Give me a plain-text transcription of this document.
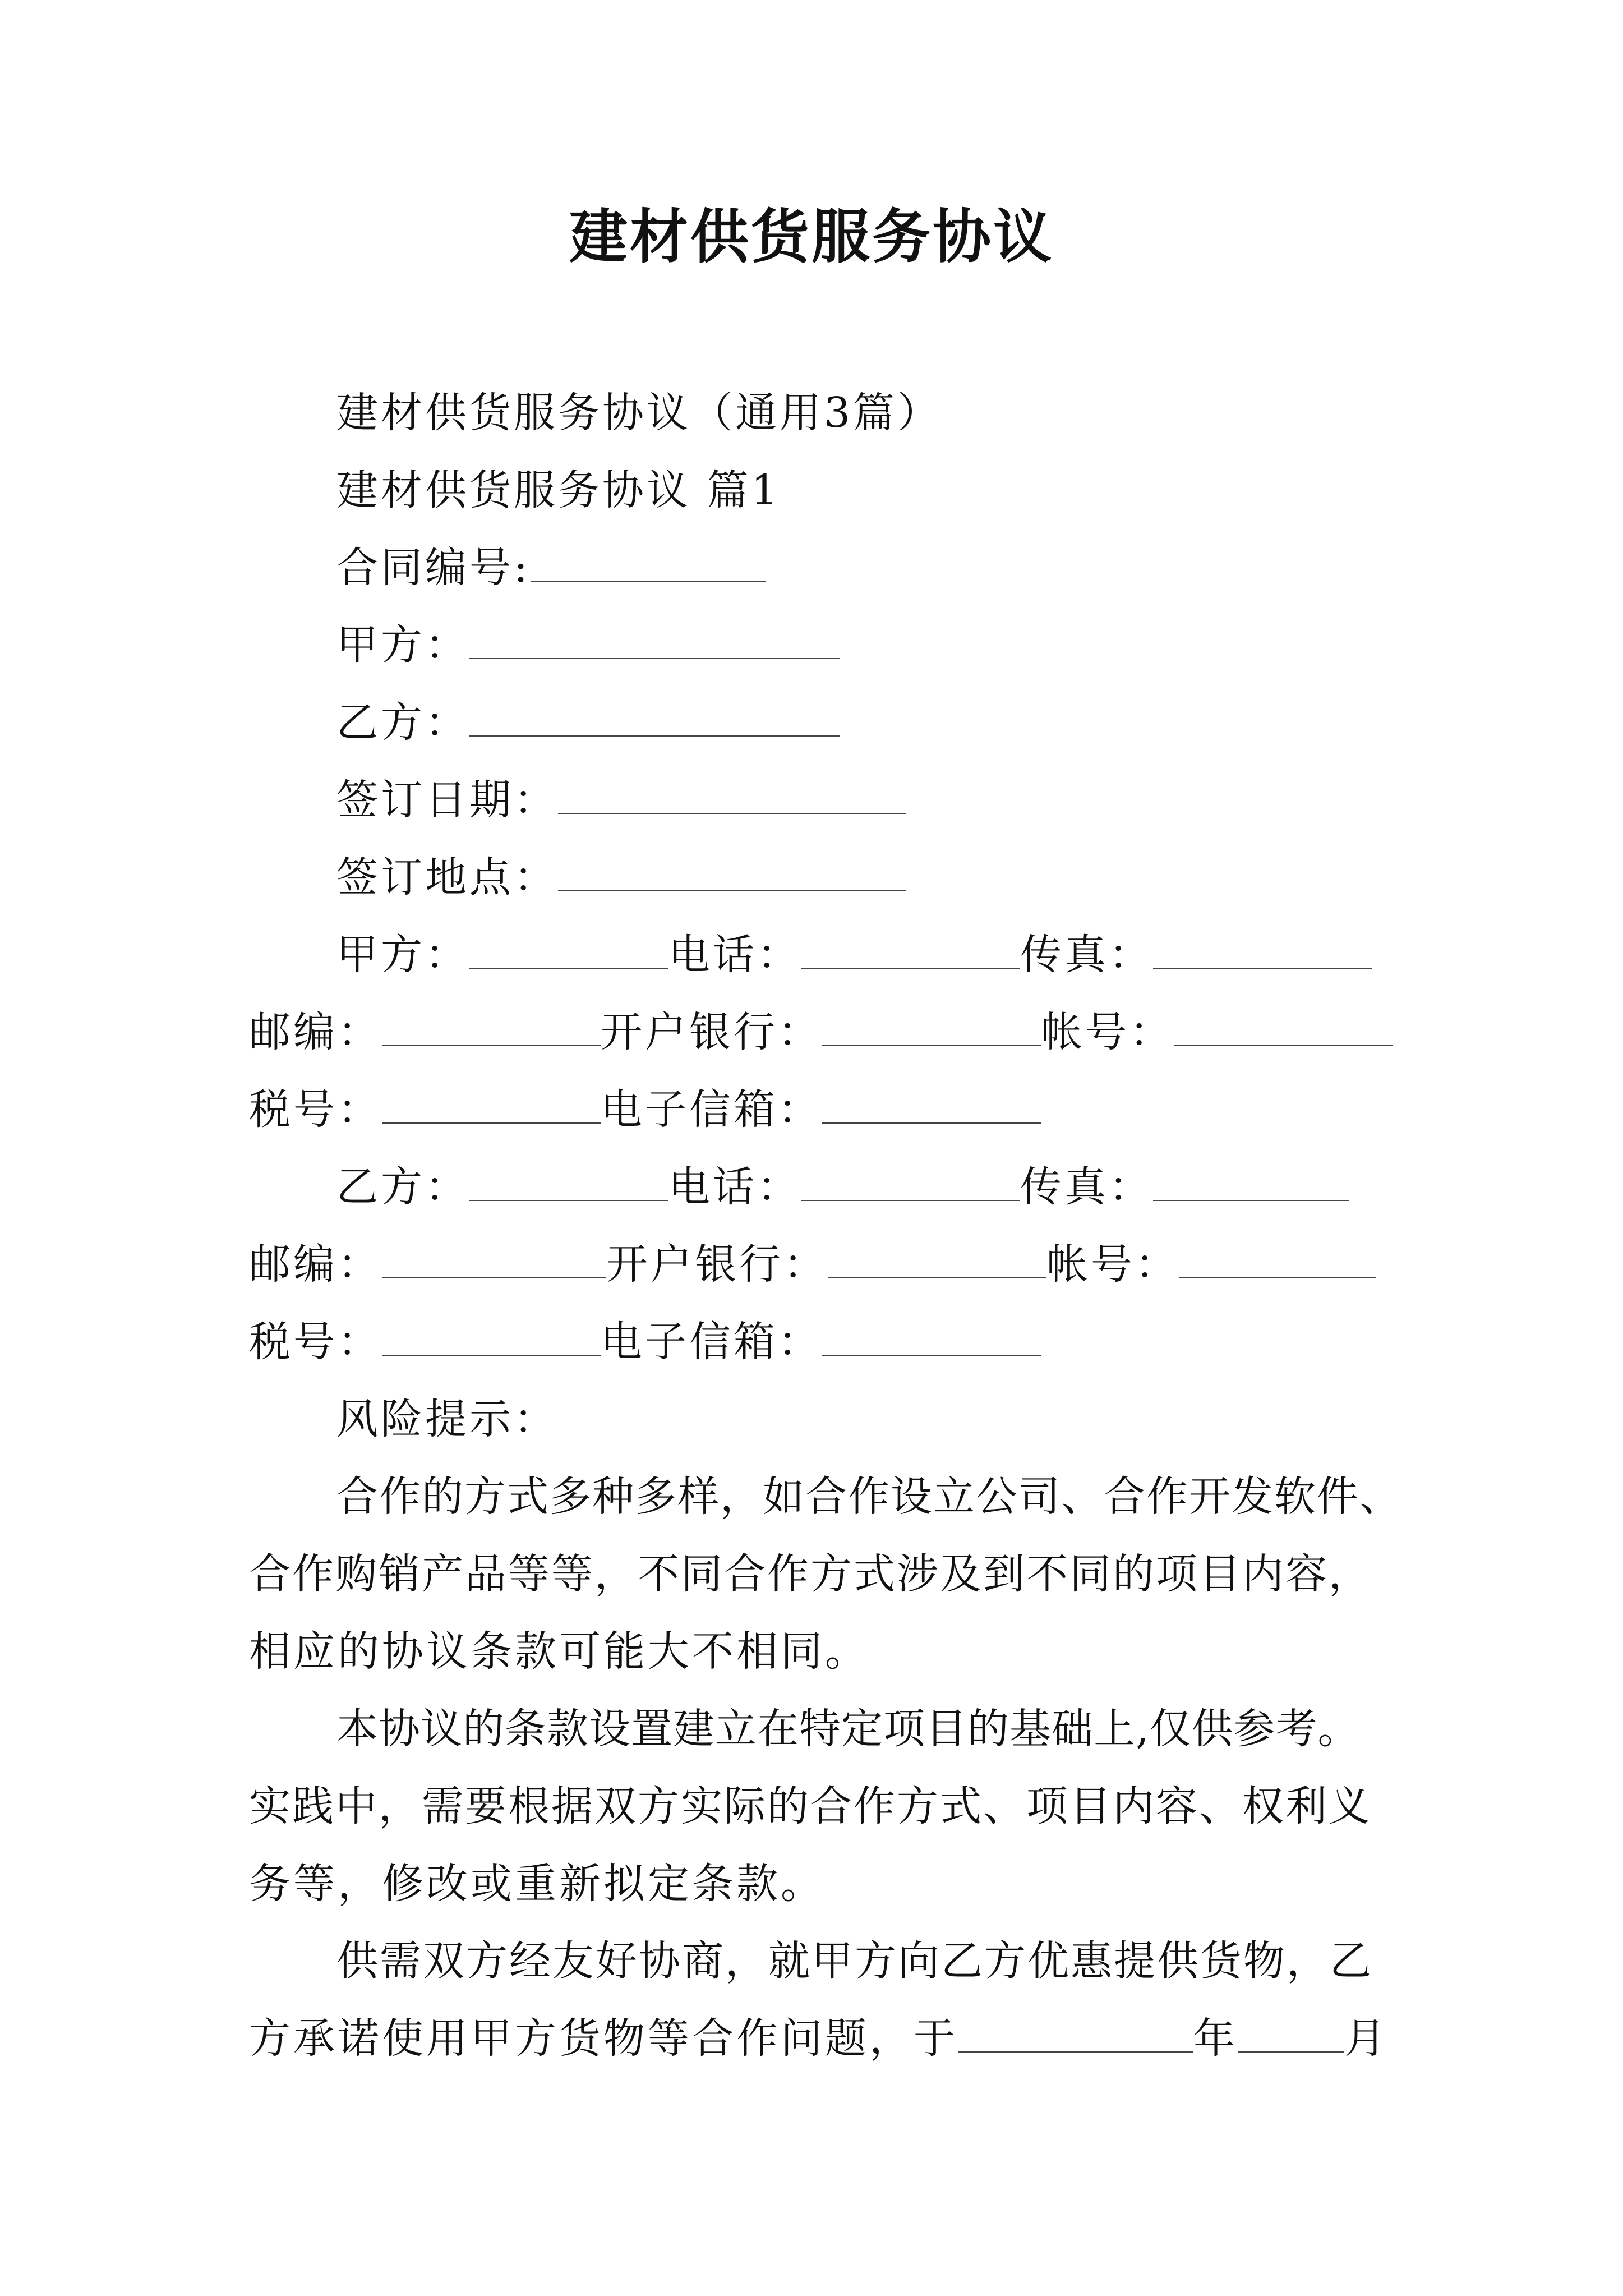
建材供货服务协议
建材供货服务协议（通用3篇）
建材供货服务协议 篇1
合同编号:
甲方：
乙方：
签订日期：
签订地点：
甲方：	电话：	传真：
邮编：	开户银行：	帐号：
税号：	电子信箱：
乙方：	电话：	传真：
邮编：	开户银行：	帐号：
税号：	电子信箱：
风险提示：
合作的方式多种多样，如合作设立公司、合作开发软件、
合作购销产品等等，不同合作方式涉及到不同的项目内容，
相应的协议条款可能大不相同。
本协议的条款设置建立在特定项目的基础上,仅供参考。
实践中，需要根据双方实际的合作方式、项目内容、权利义
务等，修改或重新拟定条款。
供需双方经友好协商，就甲方向乙方优惠提供货物，乙
方承诺使用甲方货物等合作问题，于	年	月
